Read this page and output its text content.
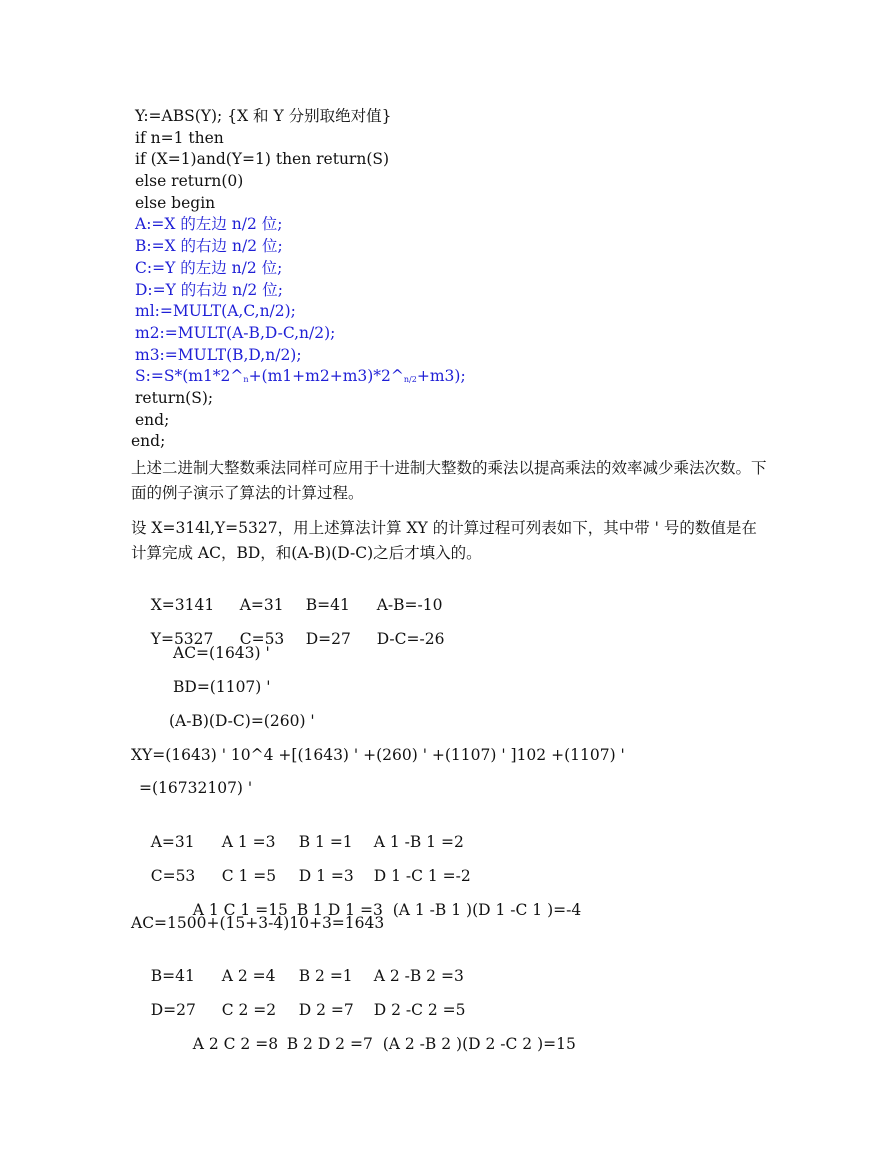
Y:=ABS(Y); {X 和 Y 分别取绝对值}
if n=1 then
if (X=1)and(Y=1) then return(S)
else return(0)
else begin
A:=X 的左边 n/2 位;
B:=X 的右边 n/2 位;
C:=Y 的左边 n/2 位;
D:=Y 的右边 n/2 位;
ml:=MULT(A,C,n/2);
m2:=MULT(A-B,D-C,n/2);
m3:=MULT(B,D,n/2);
$S:=S*(m1*2\^{}_n+(m1+m2+m3)*2\^{}_{n/2}+m3)$;
return(S);
end;
end;
上述二进制大整数乘法同样可应用于十进制大整数的乘法以提高乘法的效率减少乘法次数。下面的例子演示了算法的计算过程。
设 X=314l,Y=5327，用上述算法计算 XY 的计算过程可列表如下，其中带 ' 号的数值是在计算完成 AC，BD，和(A-B)(D-C)之后才填入的。

X=3141 A=31 B=41 A-B=-10

Y=5327 C=53 D=27 D-C=-26

AC=(1643) '
BD=(1107) '
(A-B)(D-C)=(260) '
XY=(1643) ' 10^4 +[(1643) ' +(260) ' +(1107) ' ]102 +(1107) '
=(16732107) '

A=31 A 1 =3 B 1 =1 A 1 -B 1 =2

C=53 C 1 =5 D 1 =3 D 1 -C 1 =-2

A 1 C 1 =15 B 1 D 1 =3 (A 1 -B 1 )(D 1 -C 1 )=-4

AC=1500+(15+3-4)10+3=1643

B=41 A 2 =4 B 2 =1 A 2 -B 2 =3

D=27 C 2 =2 D 2 =7 D 2 -C 2 =5

A 2 C 2 =8 B 2 D 2 =7 (A 2 -B 2 )(D 2 -C 2 )=15
